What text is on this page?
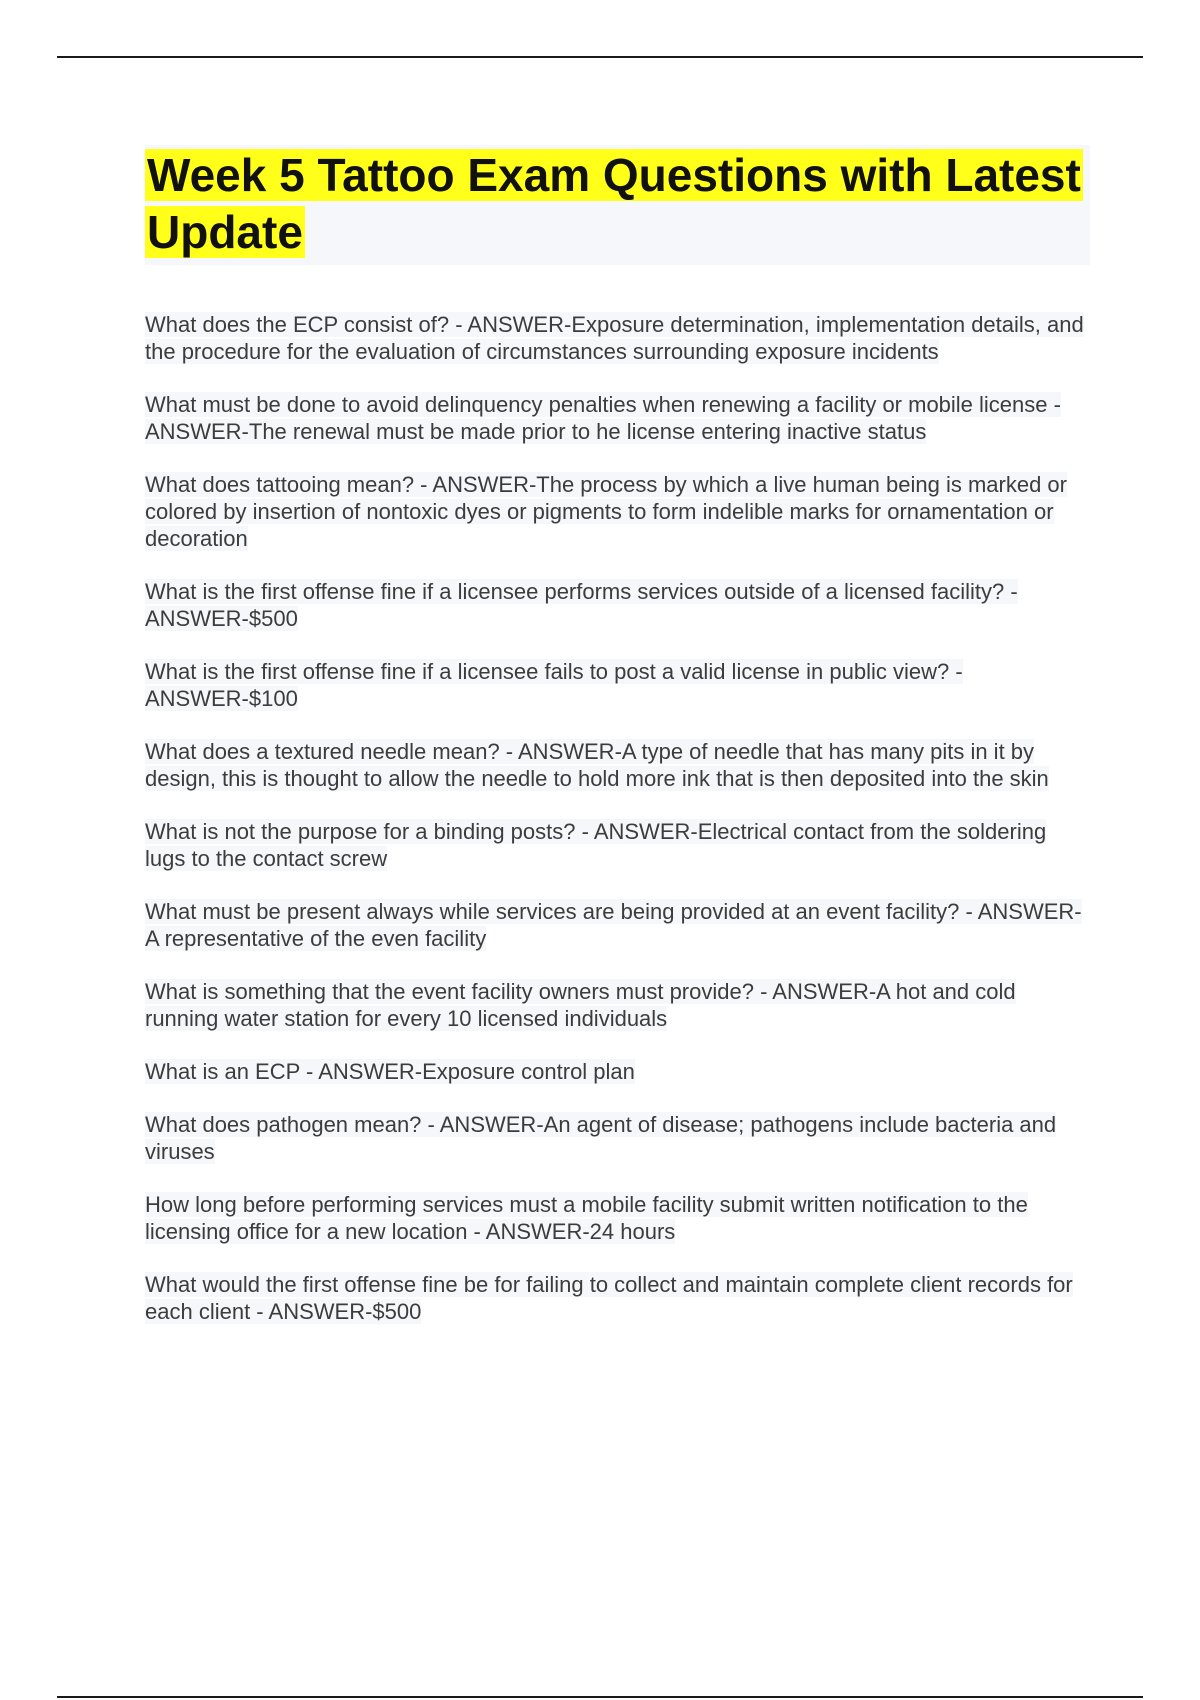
Week 5 Tattoo Exam Questions with Latest Update

What does the ECP consist of? - ANSWER-Exposure determination, implementation details, and the procedure for the evaluation of circumstances surrounding exposure incidents

What must be done to avoid delinquency penalties when renewing a facility or mobile license - ANSWER-The renewal must be made prior to he license entering inactive status

What does tattooing mean? - ANSWER-The process by which a live human being is marked or colored by insertion of nontoxic dyes or pigments to form indelible marks for ornamentation or decoration

What is the first offense fine if a licensee performs services outside of a licensed facility? - ANSWER-$500

What is the first offense fine if a licensee fails to post a valid license in public view? - ANSWER-$100

What does a textured needle mean? - ANSWER-A type of needle that has many pits in it by design, this is thought to allow the needle to hold more ink that is then deposited into the skin

What is not the purpose for a binding posts? - ANSWER-Electrical contact from the soldering lugs to the contact screw

What must be present always while services are being provided at an event facility? - ANSWER-A representative of the even facility

What is something that the event facility owners must provide? - ANSWER-A hot and cold running water station for every 10 licensed individuals

What is an ECP - ANSWER-Exposure control plan

What does pathogen mean? - ANSWER-An agent of disease; pathogens include bacteria and viruses

How long before performing services must a mobile facility submit written notification to the licensing office for a new location - ANSWER-24 hours

What would the first offense fine be for failing to collect and maintain complete client records for each client - ANSWER-$500
